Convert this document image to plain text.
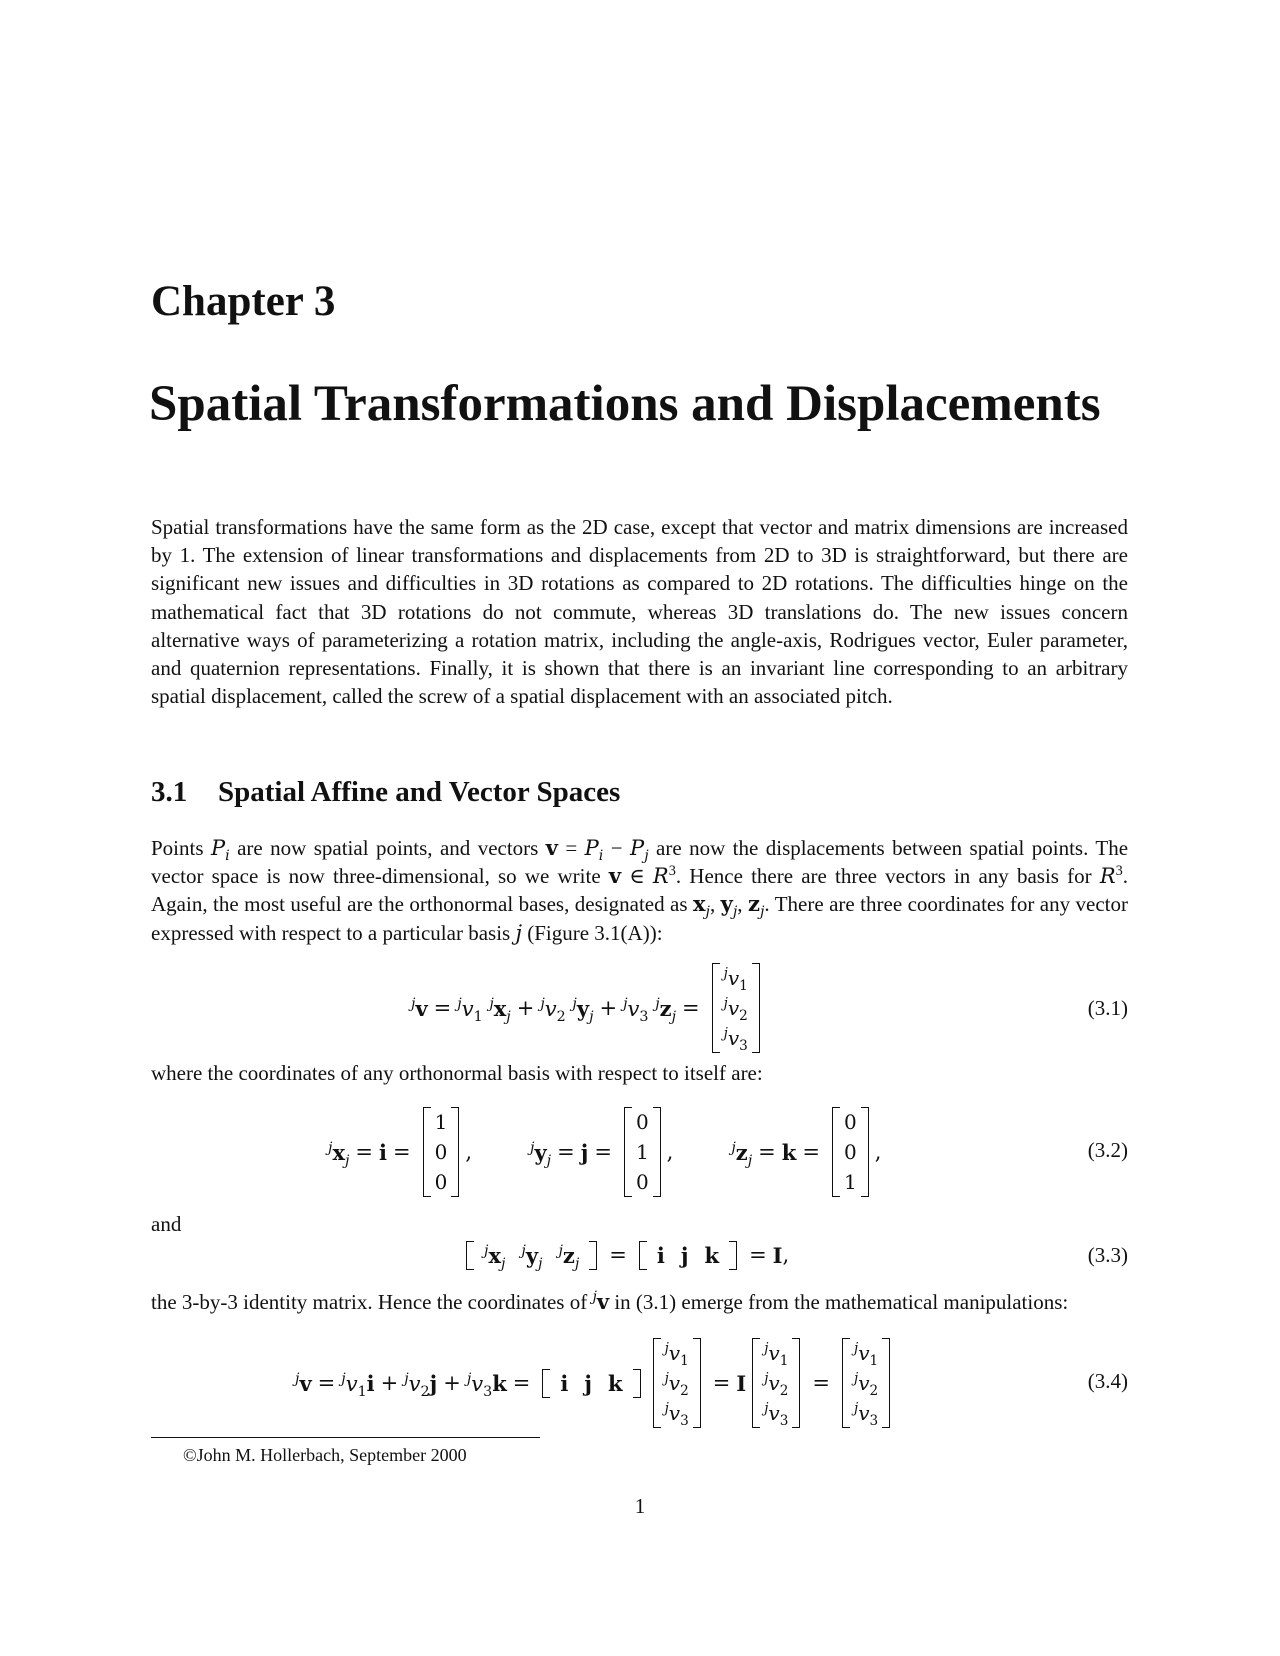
Chapter 3
Spatial Transformations and Displacements

Spatial transformations have the same form as the 2D case, except that vector and matrix dimensions are increased by 1. The extension of linear transformations and displacements from 2D to 3D is straightforward, but there are significant new issues and difficulties in 3D rotations as compared to 2D rotations. The difficulties hinge on the mathematical fact that 3D rotations do not commute, whereas 3D translations do. The new issues concern alternative ways of parameterizing a rotation matrix, including the angle-axis, Rodrigues vector, Euler parameter, and quaternion representations. Finally, it is shown that there is an invariant line corresponding to an arbitrary spatial displacement, called the screw of a spatial displacement with an associated pitch.

3.1 Spatial Affine and Vector Spaces

Points $P_i$ are now spatial points, and vectors $v = P_i - P_j$ are now the displacements between spatial points. The vector space is now three-dimensional, so we write v ∈ $R^3$. Hence there are three vectors in any basis for $R^3$. Again, the most useful are the orthonormal bases, designated as $x_j$, $y_j$, $z_j$. There are three coordinates for any vector expressed with respect to a particular basis j (Figure 3.1(A)):

$^jv = ^jv_1$ $^jx_j + ^jv_2$ $^jy_j + ^jv_3$ $^jz_j$ =
$^jv_1$
$^jv_2$
$^jv_3$
(3.1)

where the coordinates of any orthonormal basis with respect to itself are:

$^jx_j = i$ =
1
0
0
,	$^jy_j = j$ =
0
1
0
,	$^jz_j = k$ =
0
0
1
,	(3.2)

and

$^jx_j$
$^jy_j$
$^jz_j$	=	i j k	= I ,	(3.3)

the 3-by-3 identity matrix. Hence the coordinates of $^j$v in (3.1) emerge from the mathematical manipulations:

$^jv = ^jv_1i + ^jv_2j + ^jv_3k$ =	i j k
$^jv_1$
$^jv_2$
$^jv_3$
= I
$^jv_1$
$^jv_2$
$^jv_3$
=
$^jv_1$
$^jv_2$
$^jv_3$
(3.4)

©John M. Hollerbach, September 2000

1
